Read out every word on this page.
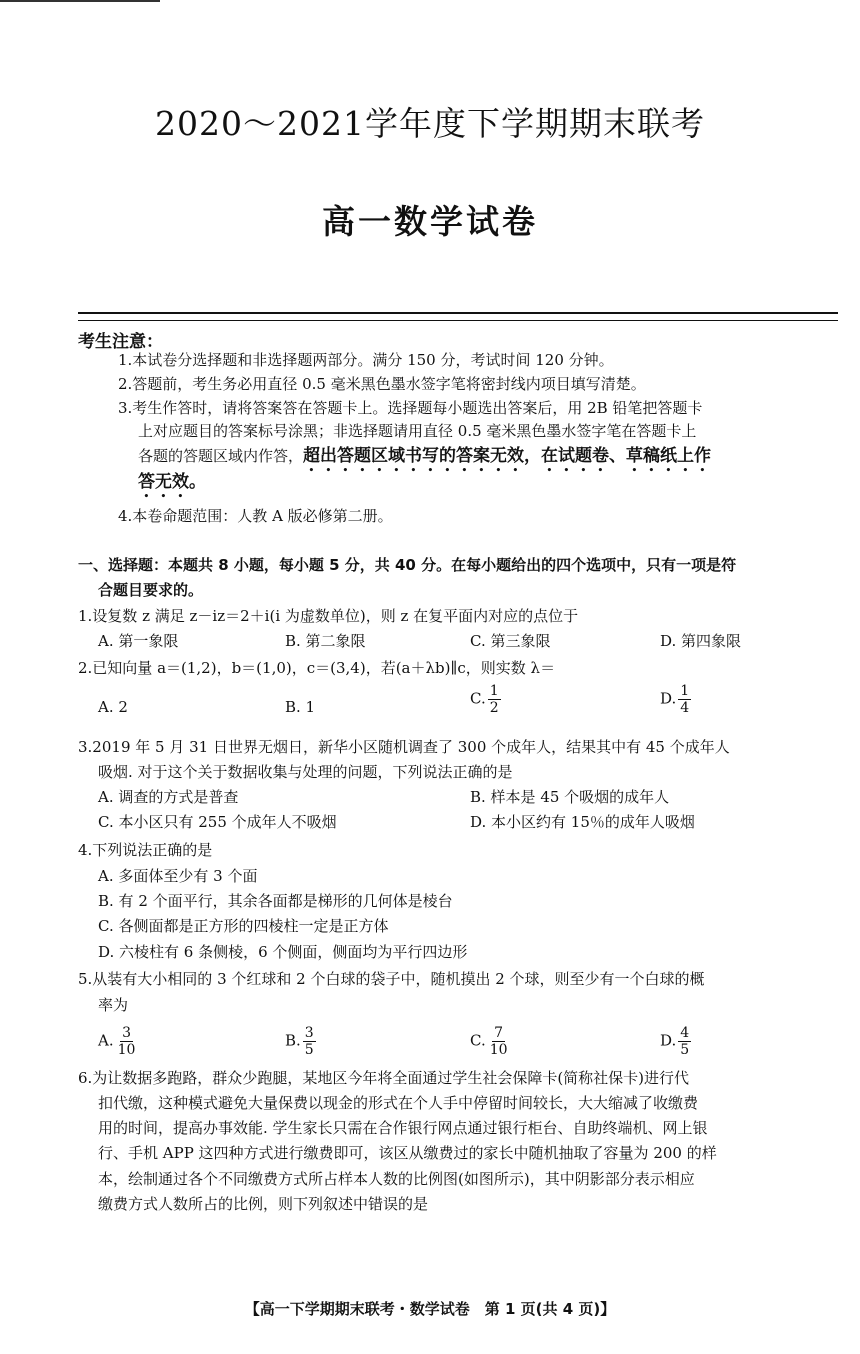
2020～2021学年度下学期期末联考
高一数学试卷
考生注意：
1.本试卷分选择题和非选择题两部分。满分 150 分，考试时间 120 分钟。
2.答题前，考生务必用直径 0.5 毫米黑色墨水签字笔将密封线内项目填写清楚。
3.考生作答时，请将答案答在答题卡上。选择题每小题选出答案后，用 2B 铅笔把答题卡
上对应题目的答案标号涂黑；非选择题请用直径 0.5 毫米黑色墨水签字笔在答题卡上
各题的答题区域内作答，超出答题区域书写的答案无效，在试题卷、草稿纸上作
答无效。
4.本卷命题范围：人教 A 版必修第二册。
一、选择题：本题共 8 小题，每小题 5 分，共 40 分。在每小题给出的四个选项中，只有一项是符
合题目要求的。
1.设复数 z 满足 z－iz＝2＋i(i 为虚数单位)，则 z 在复平面内对应的点位于
A. 第一象限	B. 第二象限	C. 第三象限	D. 第四象限
2.已知向量 a＝(1,2)，b＝(1,0)，c＝(3,4)，若(a＋λb)∥c，则实数 λ＝
A. 2	B. 1	C. $\frac{1}{2}$	D. $\frac{1}{4}$
3.2019 年 5 月 31 日世界无烟日，新华小区随机调查了 300 个成年人，结果其中有 45 个成年人
吸烟. 对于这个关于数据收集与处理的问题，下列说法正确的是
A. 调查的方式是普查	B. 样本是 45 个吸烟的成年人
C. 本小区只有 255 个成年人不吸烟	D. 本小区约有 15％的成年人吸烟
4.下列说法正确的是
A. 多面体至少有 3 个面
B. 有 2 个面平行，其余各面都是梯形的几何体是棱台
C. 各侧面都是正方形的四棱柱一定是正方体
D. 六棱柱有 6 条侧棱，6 个侧面，侧面均为平行四边形
5.从装有大小相同的 3 个红球和 2 个白球的袋子中，随机摸出 2 个球，则至少有一个白球的概
率为
A. $\frac{3}{10}$	B. $\frac{3}{5}$	C. $\frac{7}{10}$	D. $\frac{4}{5}$
6.为让数据多跑路，群众少跑腿，某地区今年将全面通过学生社会保障卡(简称社保卡)进行代
扣代缴，这种模式避免大量保费以现金的形式在个人手中停留时间较长，大大缩减了收缴费
用的时间，提高办事效能. 学生家长只需在合作银行网点通过银行柜台、自助终端机、网上银
行、手机 APP 这四种方式进行缴费即可，该区从缴费过的家长中随机抽取了容量为 200 的样
本，绘制通过各个不同缴费方式所占样本人数的比例图(如图所示)，其中阴影部分表示相应
缴费方式人数所占的比例，则下列叙述中错误的是
【高一下学期期末联考・数学试卷　第 1 页(共 4 页)】
